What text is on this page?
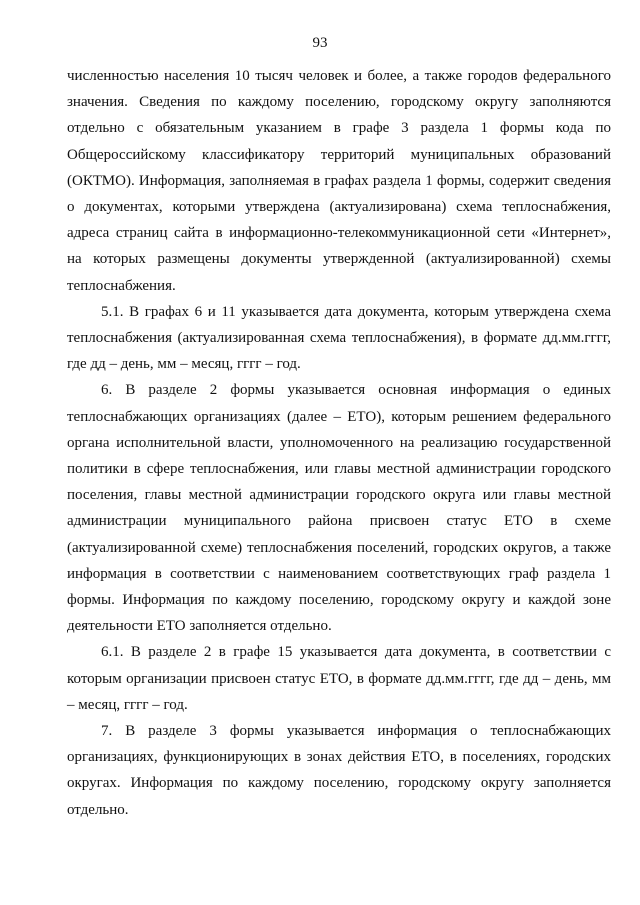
93

численностью населения 10 тысяч человек и более, а также городов федерального значения. Сведения по каждому поселению, городскому округу заполняются отдельно с обязательным указанием в графе 3 раздела 1 формы кода по Общероссийскому классификатору территорий муниципальных образований (ОКТМО). Информация, заполняемая в графах раздела 1 формы, содержит сведения о документах, которыми утверждена (актуализирована) схема теплоснабжения, адреса страниц сайта в информационно-телекоммуникационной сети «Интернет», на которых размещены документы утвержденной (актуализированной) схемы теплоснабжения.

5.1. В графах 6 и 11 указывается дата документа, которым утверждена схема теплоснабжения (актуализированная схема теплоснабжения), в формате дд.мм.гггг, где дд – день, мм – месяц, гггг – год.

6. В разделе 2 формы указывается основная информация о единых теплоснабжающих организациях (далее – ЕТО), которым решением федерального органа исполнительной власти, уполномоченного на реализацию государственной политики в сфере теплоснабжения, или главы местной администрации городского поселения, главы местной администрации городского округа или главы местной администрации муниципального района присвоен статус ЕТО в схеме (актуализированной схеме) теплоснабжения поселений, городских округов, а также информация в соответствии с наименованием соответствующих граф раздела 1 формы. Информация по каждому поселению, городскому округу и каждой зоне деятельности ЕТО заполняется отдельно.

6.1. В разделе 2 в графе 15 указывается дата документа, в соответствии с которым организации присвоен статус ЕТО, в формате дд.мм.гггг, где дд – день, мм – месяц, гггг – год.

7. В разделе 3 формы указывается информация о теплоснабжающих организациях, функционирующих в зонах действия ЕТО, в поселениях, городских округах. Информация по каждому поселению, городскому округу заполняется отдельно.
